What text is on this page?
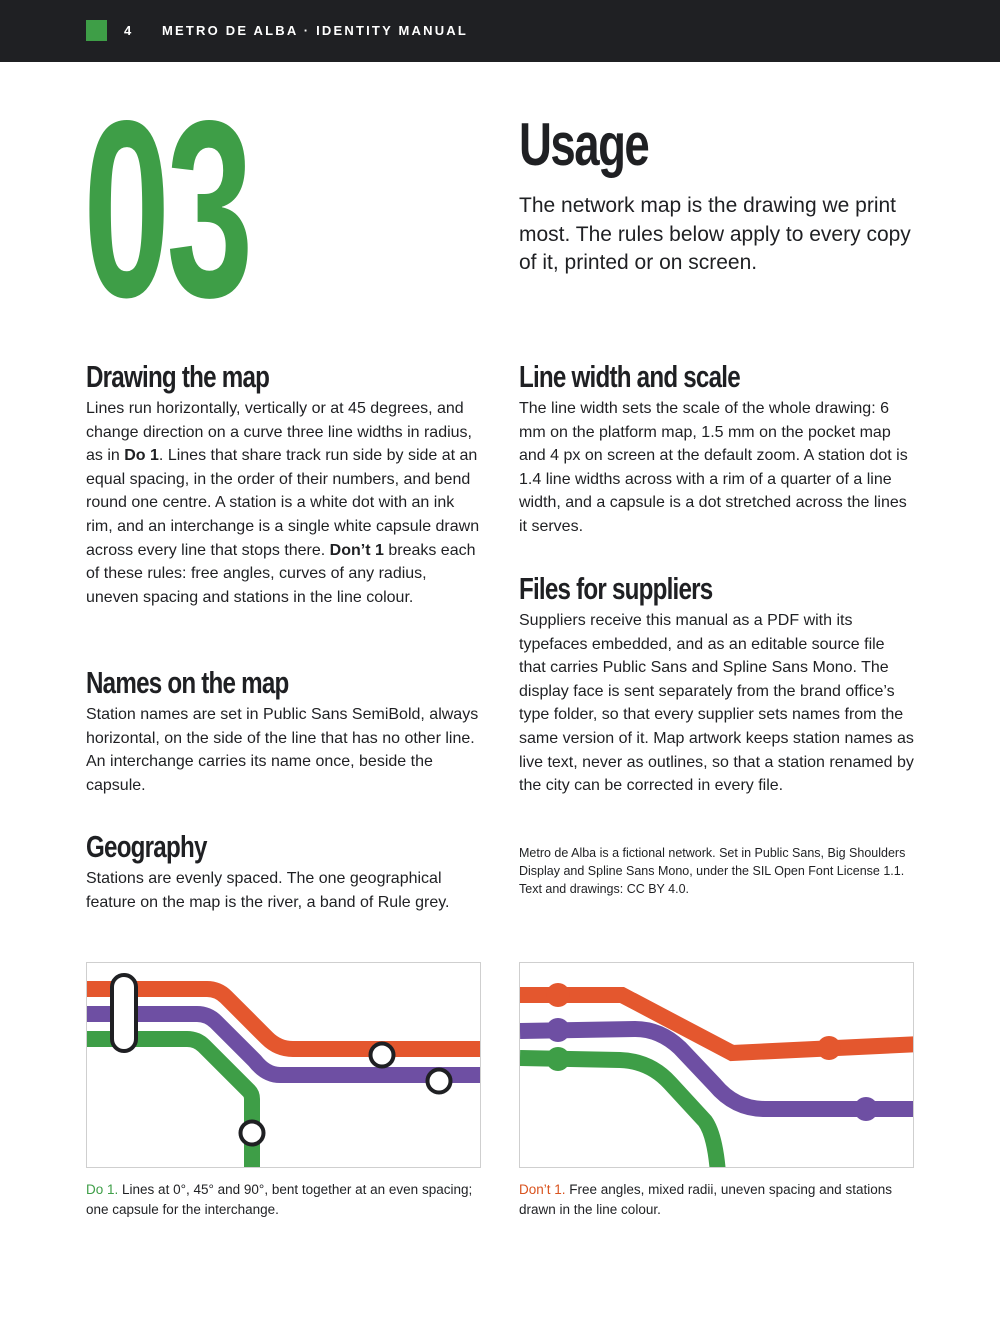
4 METRO DE ALBA · IDENTITY MANUAL
03	Usage

The network map is the drawing we print most. The rules below apply to every copy of it, printed or on screen.

Drawing the map

Lines run horizontally, vertically or at 45 degrees, and change direction on a curve three line widths in radius, as in Do 1. Lines that share track run side by side at an equal spacing, in the order of their numbers, and bend round one centre. A station is a white dot with an ink rim, and an interchange is a single white capsule drawn across every line that stops there. Don’t 1 breaks each of these rules: free angles, curves of any radius, uneven spacing and stations in the line colour.

Names on the map

Station names are set in Public Sans SemiBold, always horizontal, on the side of the line that has no other line. An interchange carries its name once, beside the capsule.

Geography

Stations are evenly spaced. The one geographical feature on the map is the river, a band of Rule grey.

Line width and scale

The line width sets the scale of the whole drawing: 6 mm on the platform map, 1.5 mm on the pocket map and 4 px on screen at the default zoom. A station dot is 1.4 line widths across with a rim of a quarter of a line width, and a capsule is a dot stretched across the lines it serves.

Files for suppliers

Suppliers receive this manual as a PDF with its typefaces embedded, and as an editable source file that carries Public Sans and Spline Sans Mono. The display face is sent separately from the brand office’s type folder, so that every supplier sets names from the same version of it. Map artwork keeps station names as live text, never as outlines, so that a station renamed by the city can be corrected in every file.

Metro de Alba is a fictional network. Set in Public Sans, Big Shoulders Display and Spline Sans Mono, under the SIL Open Font License 1.1. Text and drawings: CC BY 4.0.

Do 1. Lines at 0°, 45° and 90°, bent together at an even spacing; one capsule for the interchange.

Don’t 1. Free angles, mixed radii, uneven spacing and stations drawn in the line colour.
